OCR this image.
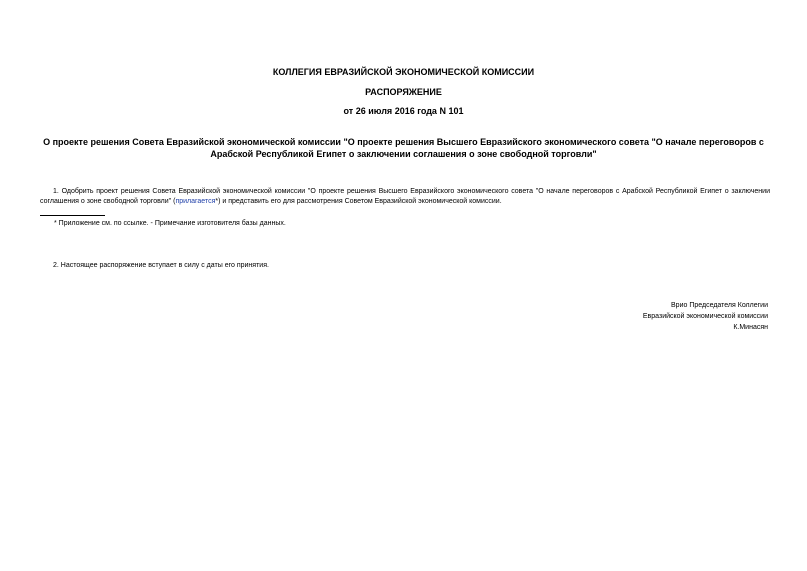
КОЛЛЕГИЯ ЕВРАЗИЙСКОЙ ЭКОНОМИЧЕСКОЙ КОМИССИИ
РАСПОРЯЖЕНИЕ
от 26 июля 2016 года N 101
О проекте решения Совета Евразийской экономической комиссии "О проекте решения Высшего Евразийского экономического совета "О начале переговоров с Арабской Республикой Египет о заключении соглашения о зоне свободной торговли"
1. Одобрить проект решения Совета Евразийской экономической комиссии "О проекте решения Высшего Евразийского экономического совета "О начале переговоров с Арабской Республикой Египет о заключении соглашения о зоне свободной торговли" (прилагается*) и представить его для рассмотрения Советом Евразийской экономической комиссии.
* Приложение см. по ссылке. - Примечание изготовителя базы данных.
2. Настоящее распоряжение вступает в силу с даты его принятия.
Врио Председателя Коллегии
Евразийской экономической комиссии
К.Минасян
